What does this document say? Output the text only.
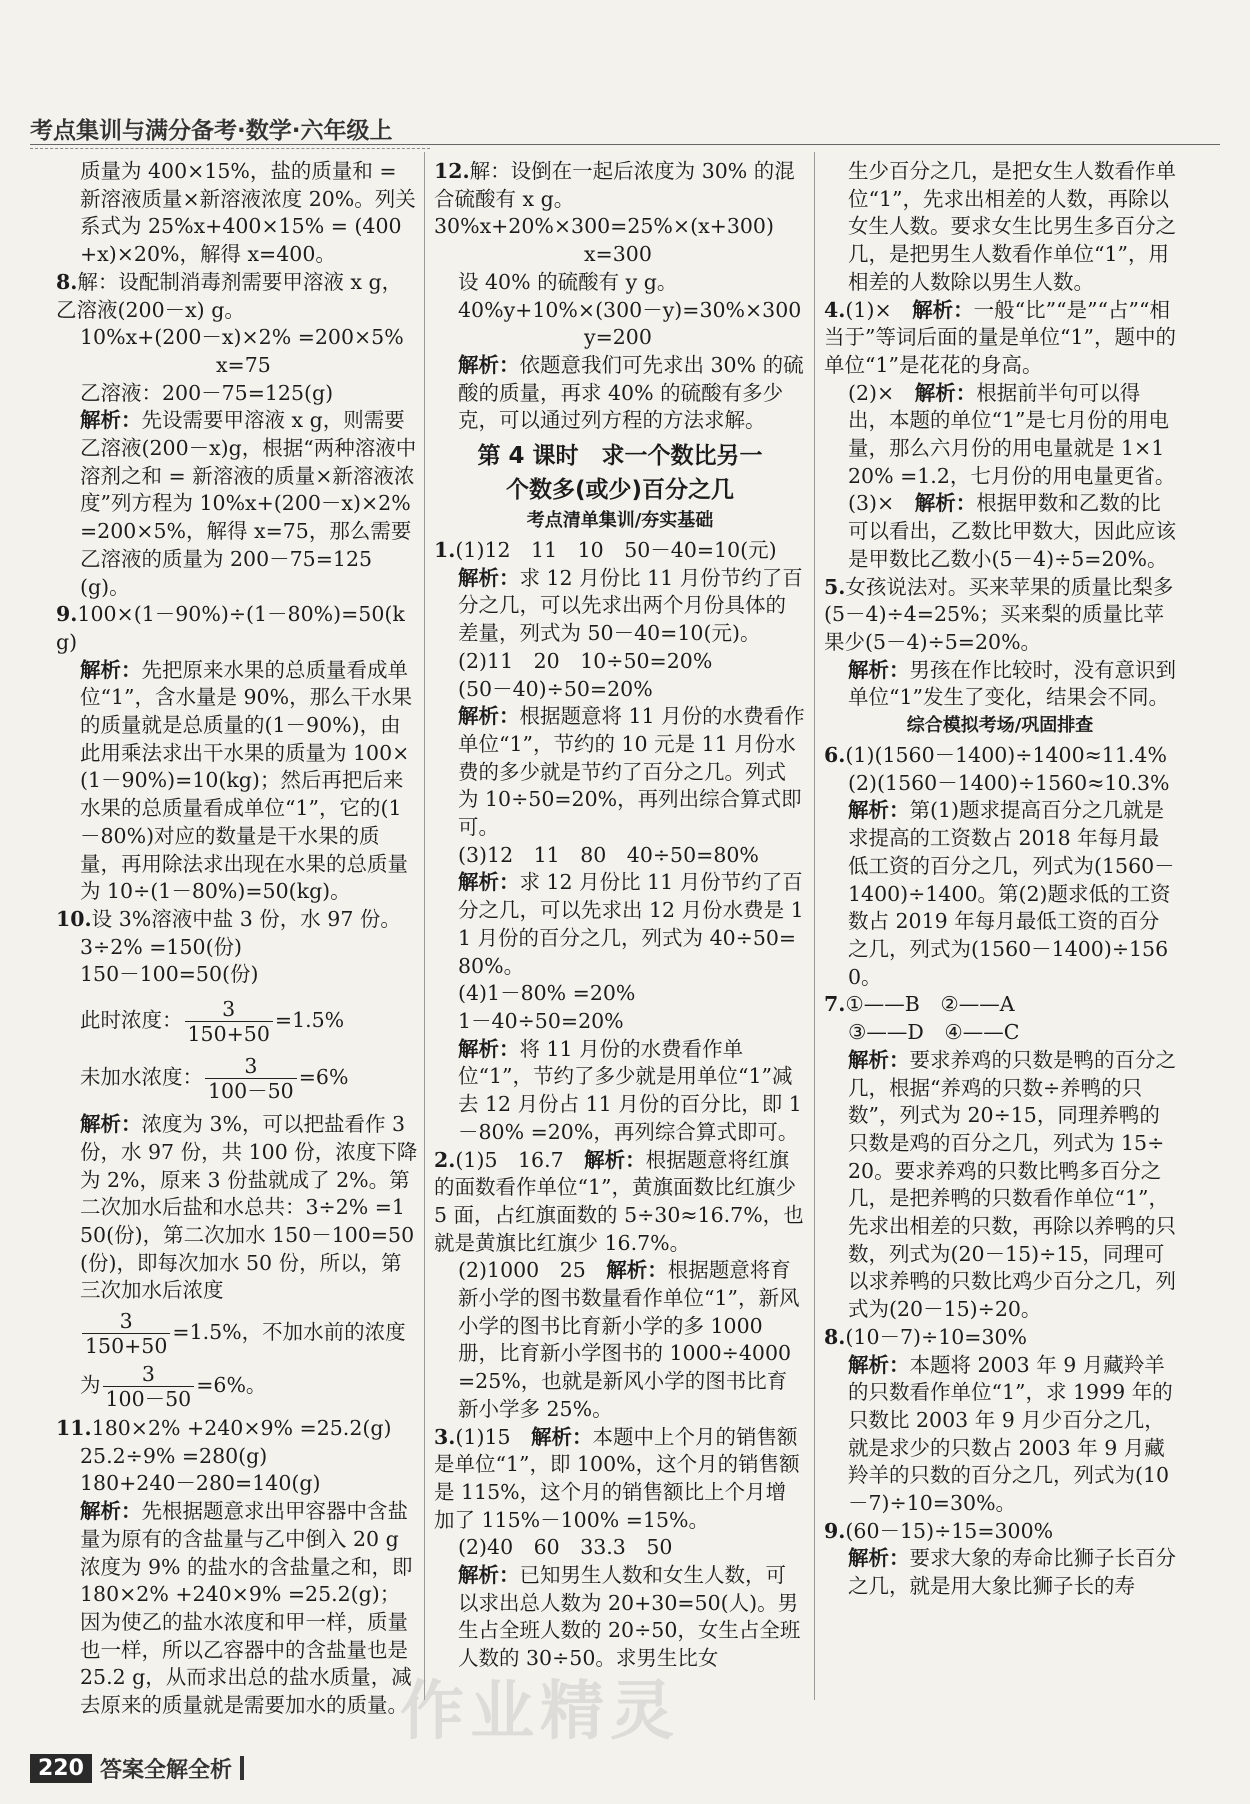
考点集训与满分备考·数学·六年级上

质量为 400×15%，盐的质量和 = 新溶液质量×新溶液浓度 20%。列关系式为 25%x+400×15% = (400+x)×20%，解得 x=400。

8.解：设配制消毒剂需要甲溶液 x g，乙溶液(200－x) g。

10%x+(200－x)×2% =200×5%

x=75

乙溶液：200－75=125(g)

解析：先设需要甲溶液 x g，则需要乙溶液(200－x)g，根据“两种溶液中溶剂之和 = 新溶液的质量×新溶液浓度”列方程为 10%x+(200－x)×2% =200×5%，解得 x=75，那么需要乙溶液的质量为 200－75=125(g)。

9.100×(1－90%)÷(1－80%)=50(kg)

解析：先把原来水果的总质量看成单位“1”，含水量是 90%，那么干水果的质量就是总质量的(1－90%)，由此用乘法求出干水果的质量为 100×(1－90%)=10(kg)；然后再把后来水果的总质量看成单位“1”，它的(1－80%)对应的数量是干水果的质量，再用除法求出现在水果的总质量为 10÷(1－80%)=50(kg)。

10.设 3%溶液中盐 3 份，水 97 份。

3÷2% =150(份)

150－100=50(份)

此时浓度： $\frac{3}{150+50} =1.5\%$

未加水浓度： $\frac{3}{100-50} =6\%$

解析：浓度为 3%，可以把盐看作 3 份，水 97 份，共 100 份，浓度下降为 2%，原来 3 份盐就成了 2%。第二次加水后盐和水总共：3÷2% =150(份)，第二次加水 150－100=50(份)，即每次加水 50 份，所以，第三次加水后浓度

$\frac{3}{150+50} =1.5\%$，不加水前的浓度

为 $\frac{3}{100-50} =6\%$。

11.180×2% +240×9% =25.2(g)

25.2÷9% =280(g)

180+240－280=140(g)

解析：先根据题意求出甲容器中含盐量为原有的含盐量与乙中倒入 20 g 浓度为 9% 的盐水的含盐量之和，即 180×2% +240×9% =25.2(g)；因为使乙的盐水浓度和甲一样，质量也一样，所以乙容器中的含盐量也是 25.2 g，从而求出总的盐水质量，减去原来的质量就是需要加水的质量。

12.解：设倒在一起后浓度为 30% 的混合硫酸有 x g。

30%x+20%×300=25%×(x+300)

x=300

设 40% 的硫酸有 y g。

40%y+10%×(300－y)=30%×300

y=200

解析：依题意我们可先求出 30% 的硫酸的质量，再求 40% 的硫酸有多少克，可以通过列方程的方法求解。

第 4 课时　求一个数比另一

个数多(或少)百分之几

考点清单集训/夯实基础

1.(1)12　11　10　50－40=10(元)

解析：求 12 月份比 11 月份节约了百分之几，可以先求出两个月份具体的差量，列式为 50－40=10(元)。

(2)11　20　10÷50=20%

(50－40)÷50=20%

解析：根据题意将 11 月份的水费看作单位“1”，节约的 10 元是 11 月份水费的多少就是节约了百分之几。列式为 10÷50=20%，再列出综合算式即可。

(3)12　11　80　40÷50=80%

解析：求 12 月份比 11 月份节约了百分之几，可以先求出 12 月份水费是 11 月份的百分之几，列式为 40÷50=80%。

(4)1－80% =20%

1－40÷50=20%

解析：将 11 月份的水费看作单位“1”，节约了多少就是用单位“1”减去 12 月份占 11 月份的百分比，即 1－80% =20%，再列综合算式即可。

2.(1)5　16.7　解析：根据题意将红旗的面数看作单位“1”，黄旗面数比红旗少 5 面，占红旗面数的 5÷30≈16.7%，也就是黄旗比红旗少 16.7%。

(2)1000　25　解析：根据题意将育新小学的图书数量看作单位“1”，新风小学的图书比育新小学的多 1000 册，比育新小学图书的 1000÷4000=25%，也就是新风小学的图书比育新小学多 25%。

3.(1)15　解析：本题中上个月的销售额是单位“1”，即 100%，这个月的销售额是 115%，这个月的销售额比上个月增加了 115%－100% =15%。

(2)40　60　33.3　50

解析：已知男生人数和女生人数，可以求出总人数为 20+30=50(人)。男生占全班人数的 20÷50，女生占全班人数的 30÷50。求男生比女

生少百分之几，是把女生人数看作单位“1”，先求出相差的人数，再除以女生人数。要求女生比男生多百分之几，是把男生人数看作单位“1”，用相差的人数除以男生人数。

4.(1)×　解析：一般“比”“是”“占”“相当于”等词后面的量是单位“1”，题中的单位“1”是花花的身高。

(2)×　解析：根据前半句可以得出，本题的单位“1”是七月份的用电量，那么六月份的用电量就是 1×120% =1.2，七月份的用电量更省。

(3)×　解析：根据甲数和乙数的比可以看出，乙数比甲数大，因此应该是甲数比乙数小(5－4)÷5=20%。

5.女孩说法对。买来苹果的质量比梨多(5－4)÷4=25%；买来梨的质量比苹果少(5－4)÷5=20%。

解析：男孩在作比较时，没有意识到单位“1”发生了变化，结果会不同。

综合模拟考场/巩固排查

6.(1)(1560－1400)÷1400≈11.4%

(2)(1560－1400)÷1560≈10.3%

解析：第(1)题求提高百分之几就是求提高的工资数占 2018 年每月最低工资的百分之几，列式为(1560－1400)÷1400。第(2)题求低的工资数占 2019 年每月最低工资的百分之几，列式为(1560－1400)÷1560。

7.①——B　②——A

③——D　④——C

解析：要求养鸡的只数是鸭的百分之几，根据“养鸡的只数÷养鸭的只数”，列式为 20÷15，同理养鸭的只数是鸡的百分之几，列式为 15÷20。要求养鸡的只数比鸭多百分之几，是把养鸭的只数看作单位“1”，先求出相差的只数，再除以养鸭的只数，列式为(20－15)÷15，同理可以求养鸭的只数比鸡少百分之几，列式为(20－15)÷20。

8.(10－7)÷10=30%

解析：本题将 2003 年 9 月藏羚羊的只数看作单位“1”，求 1999 年的只数比 2003 年 9 月少百分之几，就是求少的只数占 2003 年 9 月藏羚羊的只数的百分之几，列式为(10－7)÷10=30%。

9.(60－15)÷15=300%

解析：要求大象的寿命比狮子长百分之几，就是用大象比狮子长的寿

作业精灵
220 答案全解全析
